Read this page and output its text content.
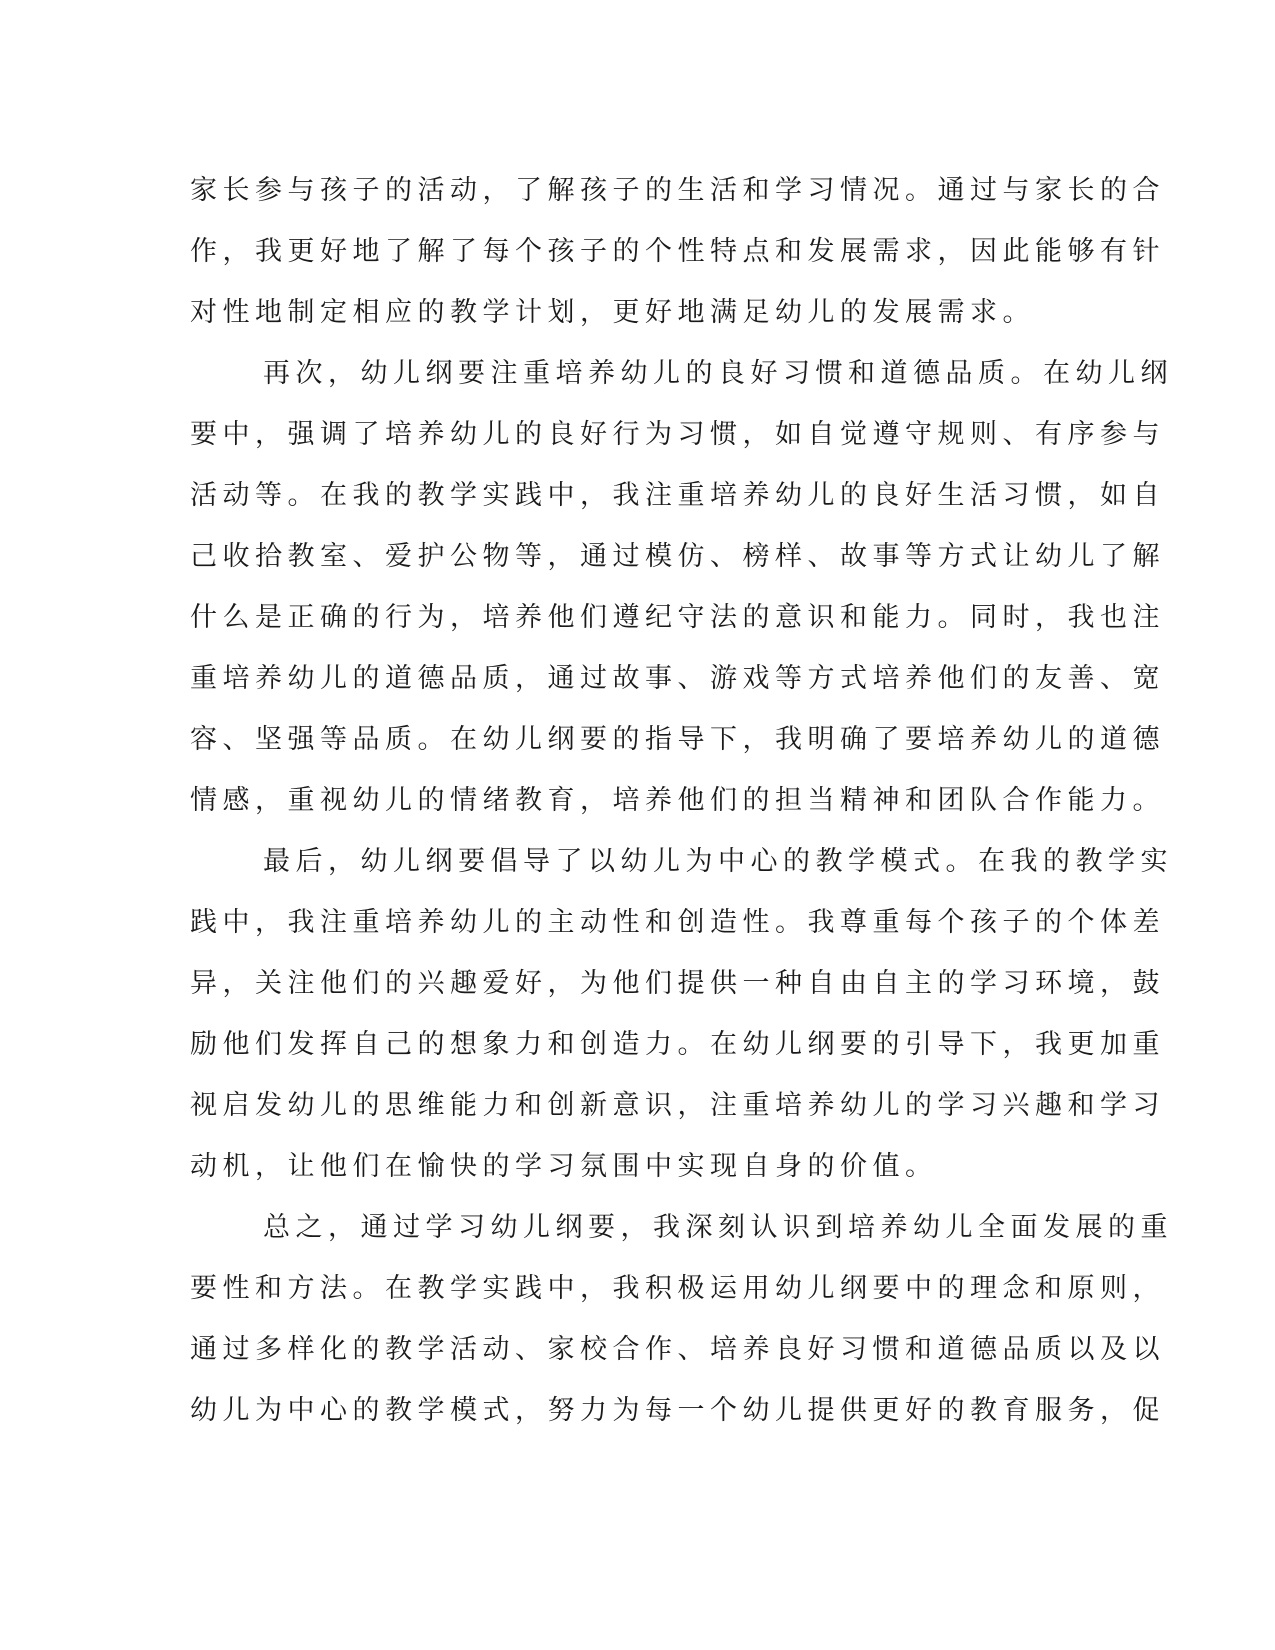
家长参与孩子的活动，了解孩子的生活和学习情况。通过与家长的合
作，我更好地了解了每个孩子的个性特点和发展需求，因此能够有针
对性地制定相应的教学计划，更好地满足幼儿的发展需求。
再次，幼儿纲要注重培养幼儿的良好习惯和道德品质。在幼儿纲
要中，强调了培养幼儿的良好行为习惯，如自觉遵守规则、有序参与
活动等。在我的教学实践中，我注重培养幼儿的良好生活习惯，如自
己收拾教室、爱护公物等，通过模仿、榜样、故事等方式让幼儿了解
什么是正确的行为，培养他们遵纪守法的意识和能力。同时，我也注
重培养幼儿的道德品质，通过故事、游戏等方式培养他们的友善、宽
容、坚强等品质。在幼儿纲要的指导下，我明确了要培养幼儿的道德
情感，重视幼儿的情绪教育，培养他们的担当精神和团队合作能力。
最后，幼儿纲要倡导了以幼儿为中心的教学模式。在我的教学实
践中，我注重培养幼儿的主动性和创造性。我尊重每个孩子的个体差
异，关注他们的兴趣爱好，为他们提供一种自由自主的学习环境，鼓
励他们发挥自己的想象力和创造力。在幼儿纲要的引导下，我更加重
视启发幼儿的思维能力和创新意识，注重培养幼儿的学习兴趣和学习
动机，让他们在愉快的学习氛围中实现自身的价值。
总之，通过学习幼儿纲要，我深刻认识到培养幼儿全面发展的重
要性和方法。在教学实践中，我积极运用幼儿纲要中的理念和原则，
通过多样化的教学活动、家校合作、培养良好习惯和道德品质以及以
幼儿为中心的教学模式，努力为每一个幼儿提供更好的教育服务，促
